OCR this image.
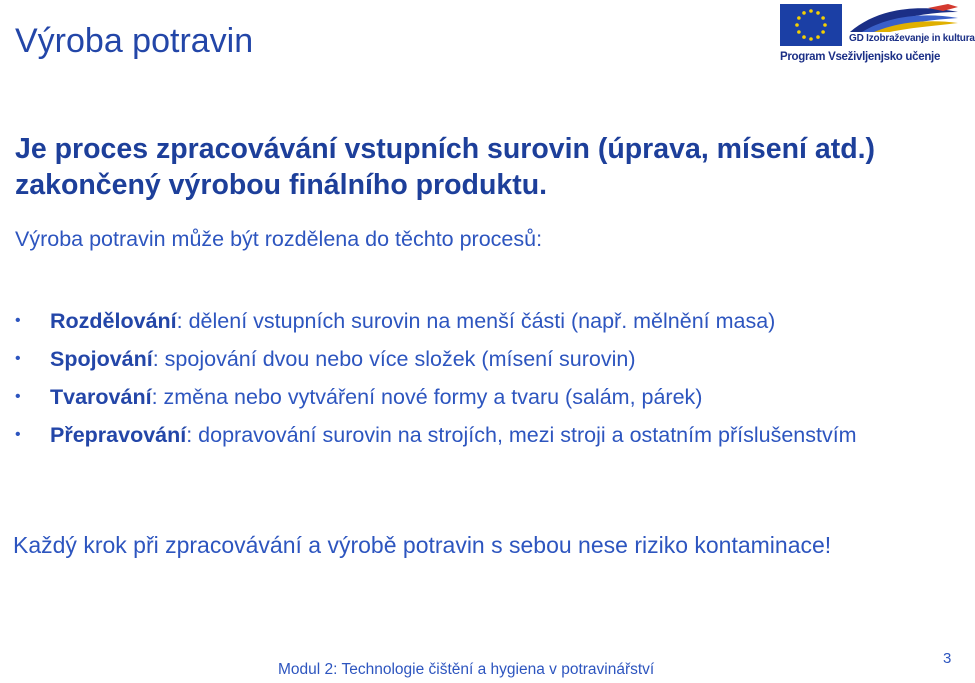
Výroba potravin	GD Izobraževanje in kultura
Program Vseživljenjsko učenje
Je proces zpracovávání vstupních surovin (úprava, mísení atd.) zakončený výrobou finálního produktu.
Výroba potravin může být rozdělena do těchto procesů:
• Rozdělování: dělení vstupních surovin na menší části (např. mělnění masa)
• Spojování: spojování dvou nebo více složek (mísení surovin)
• Tvarování: změna nebo vytváření nové formy a tvaru (salám, párek)
• Přepravování: dopravování surovin na strojích, mezi stroji a ostatním příslušenstvím
Každý krok při zpracovávání a výrobě potravin s sebou nese riziko kontaminace!
Modul 2: Technologie čištění a hygiena v potravinářství
3
